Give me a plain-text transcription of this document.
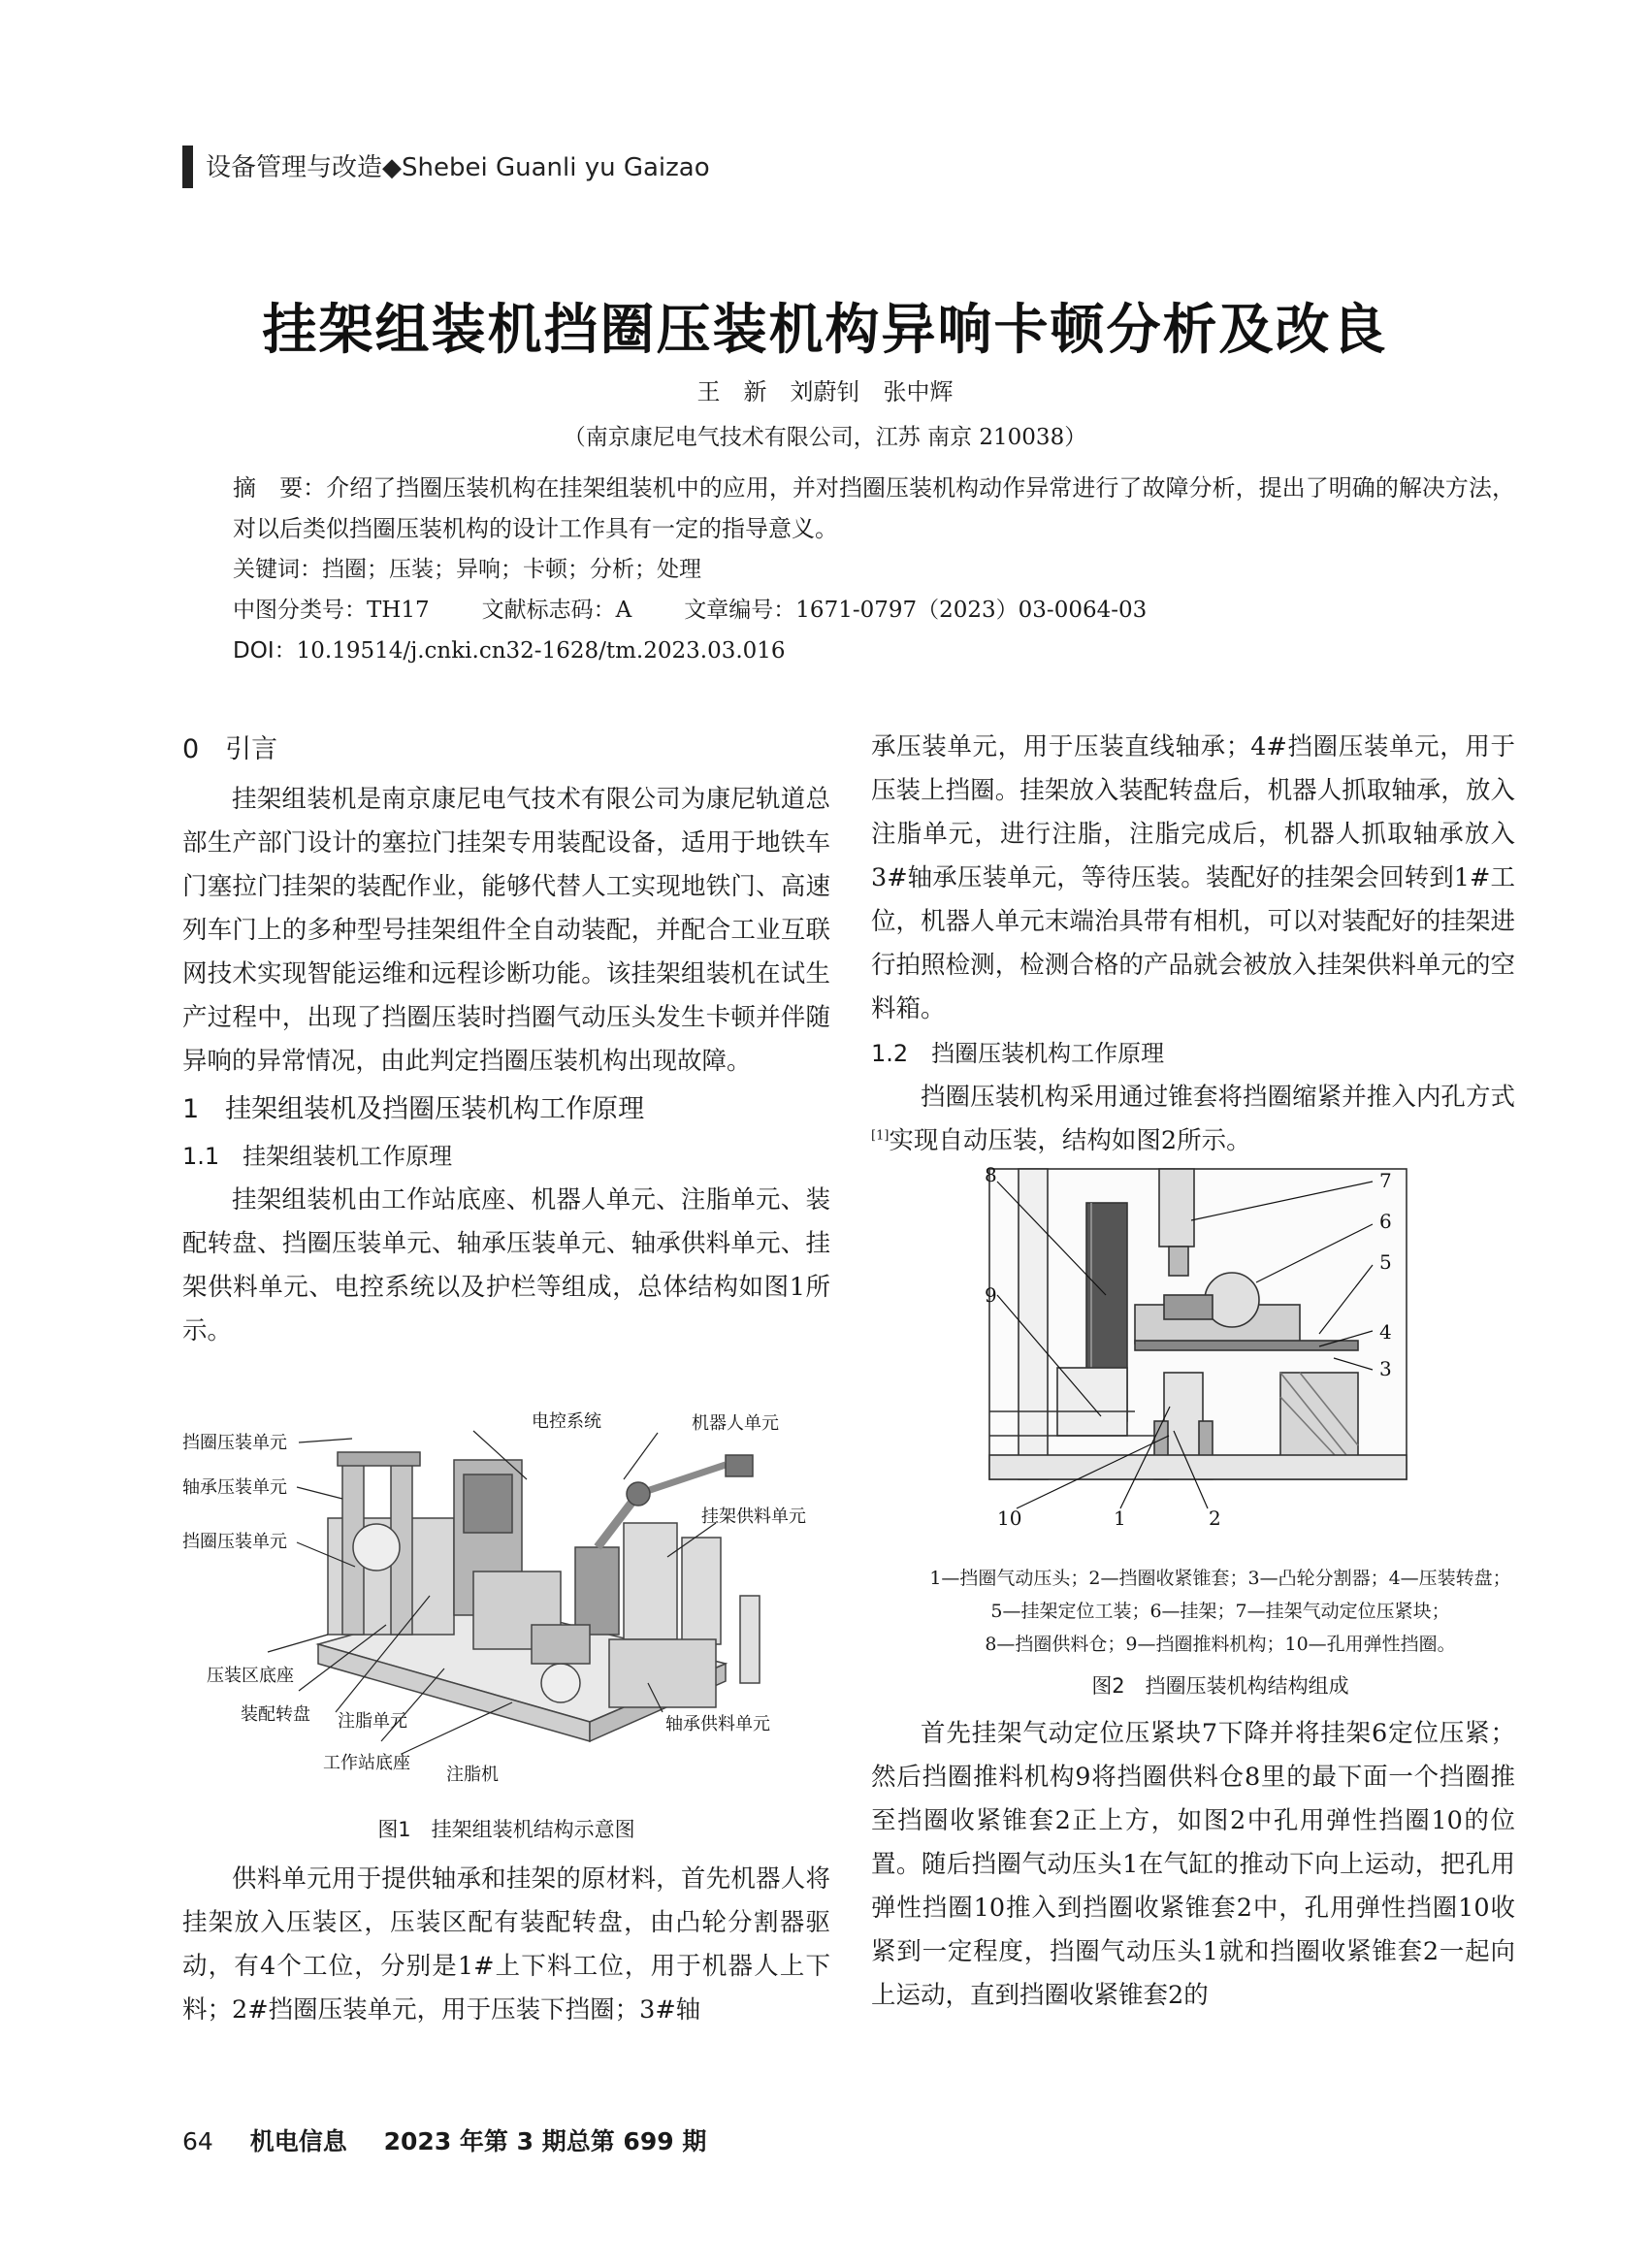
设备管理与改造◆Shebei Guanli yu Gaizao
挂架组装机挡圈压装机构异响卡顿分析及改良
王　新　刘蔚钊　张中辉
（南京康尼电气技术有限公司，江苏 南京 210038）
摘　要：介绍了挡圈压装机构在挂架组装机中的应用，并对挡圈压装机构动作异常进行了故障分析，提出了明确的解决方法，对以后类似挡圈压装机构的设计工作具有一定的指导意义。
关键词：挡圈；压装；异响；卡顿；分析；处理
中图分类号：TH17 文献标志码：A 文章编号：1671-0797（2023）03-0064-03
DOI：10.19514/j.cnki.cn32-1628/tm.2023.03.016
0　引言

挂架组装机是南京康尼电气技术有限公司为康尼轨道总部生产部门设计的塞拉门挂架专用装配设备，适用于地铁车门塞拉门挂架的装配作业，能够代替人工实现地铁门、高速列车门上的多种型号挂架组件全自动装配，并配合工业互联网技术实现智能运维和远程诊断功能。该挂架组装机在试生产过程中，出现了挡圈压装时挡圈气动压头发生卡顿并伴随异响的异常情况，由此判定挡圈压装机构出现故障。

1　挂架组装机及挡圈压装机构工作原理
1.1　挂架组装机工作原理

挂架组装机由工作站底座、机器人单元、注脂单元、装配转盘、挡圈压装单元、轴承压装单元、轴承供料单元、挂架供料单元、电控系统以及护栏等组成，总体结构如图1所示。

挡圈压装单元
轴承压装单元
挡圈压装单元
压装区底座
装配转盘 注脂单元
工作站底座
注脂机
电控系统	机器人单元
挂架供料单元
轴承供料单元
图1　挂架组装机结构示意图

供料单元用于提供轴承和挂架的原材料，首先机器人将挂架放入压装区，压装区配有装配转盘，由凸轮分割器驱动，有4个工位，分别是1#上下料工位，用于机器人上下料；2#挡圈压装单元，用于压装下挡圈；3#轴

承压装单元，用于压装直线轴承；4#挡圈压装单元，用于压装上挡圈。挂架放入装配转盘后，机器人抓取轴承，放入注脂单元，进行注脂，注脂完成后，机器人抓取轴承放入3#轴承压装单元，等待压装。装配好的挂架会回转到1#工位，机器人单元末端治具带有相机，可以对装配好的挂架进行拍照检测，检测合格的产品就会被放入挂架供料单元的空料箱。

1.2　挡圈压装机构工作原理

挡圈压装机构采用通过锥套将挡圈缩紧并推入内孔方式[1]实现自动压装，结构如图2所示。

8	7
6
5
9
4
3
10	1	2
1—挡圈气动压头；2—挡圈收紧锥套；3—凸轮分割器；4—压装转盘；
5—挂架定位工装；6—挂架；7—挂架气动定位压紧块；
8—挡圈供料仓；9—挡圈推料机构；10—孔用弹性挡圈。
图2　挡圈压装机构结构组成

首先挂架气动定位压紧块7下降并将挂架6定位压紧；然后挡圈推料机构9将挡圈供料仓8里的最下面一个挡圈推至挡圈收紧锥套2正上方，如图2中孔用弹性挡圈10的位置。随后挡圈气动压头1在气缸的推动下向上运动，把孔用弹性挡圈10推入到挡圈收紧锥套2中，孔用弹性挡圈10收紧到一定程度，挡圈气动压头1就和挡圈收紧锥套2一起向上运动，直到挡圈收紧锥套2的

64 机电信息 2023 年第 3 期总第 699 期
